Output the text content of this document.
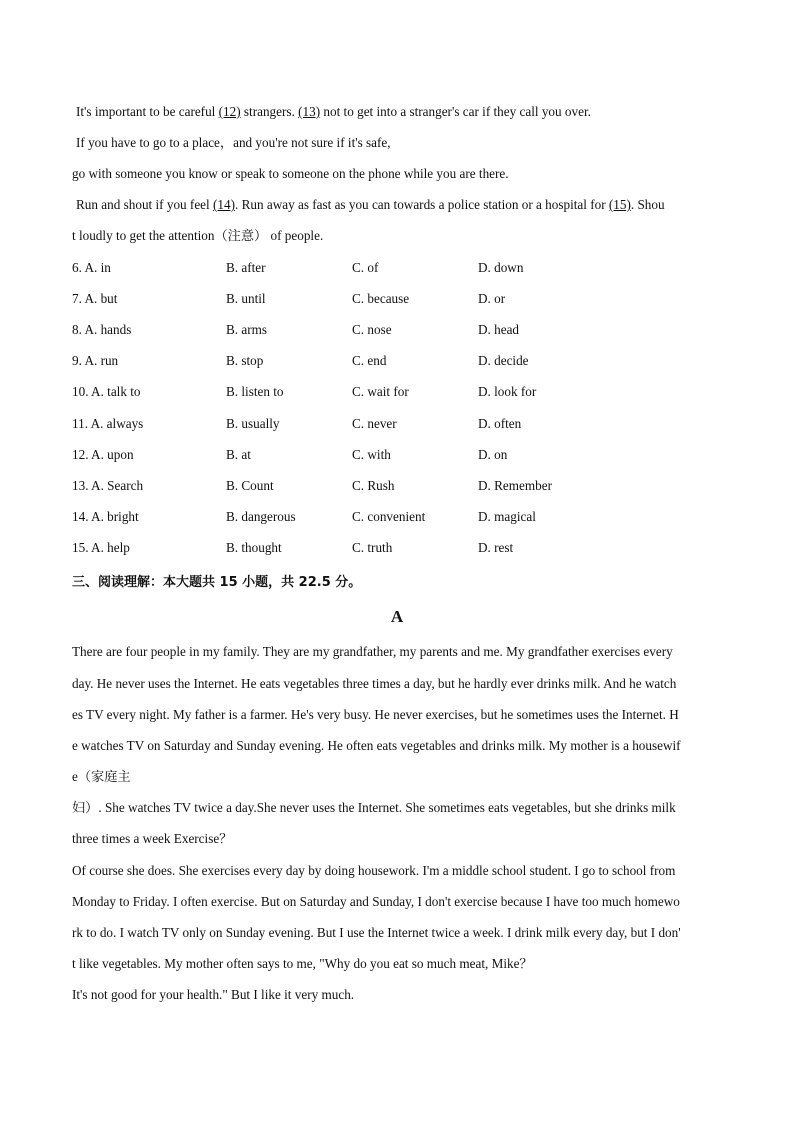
It's important to be careful (12) strangers. (13) not to get into a stranger's car if they call you over.
If you have to go to a place，and you're not sure if it's safe,
go with someone you know or speak to someone on the phone while you are there.
Run and shout if you feel (14). Run away as fast as you can towards a police station or a hospital for (15). Shou
t loudly to get the attention（注意） of people.
6. A. in	B. after	C. of	D. down
7. A. but	B. until	C. because	D. or
8. A. hands	B. arms	C. nose	D. head
9. A. run	B. stop	C. end	D. decide
10. A. talk to	B. listen to	C. wait for	D. look for
11. A. always	B. usually	C. never	D. often
12. A. upon	B. at	C. with	D. on
13. A. Search	B. Count	C. Rush	D. Remember
14. A. bright	B. dangerous	C. convenient	D. magical
15. A. help	B. thought	C. truth	D. rest
三、阅读理解：本大题共 15 小题，共 22.5 分。
A
There are four people in my family. They are my grandfather, my parents and me. My grandfather exercises every
day. He never uses the Internet. He eats vegetables three times a day, but he hardly ever drinks milk. And he watch
es TV every night. My father is a farmer. He's very busy. He never exercises, but he sometimes uses the Internet. H
e watches TV on Saturday and Sunday evening. He often eats vegetables and drinks milk. My mother is a housewif
e（家庭主
妇）. She watches TV twice a day.She never uses the Internet. She sometimes eats vegetables, but she drinks milk
three times a week Exercise？
Of course she does. She exercises every day by doing housework. I'm a middle school student. I go to school from
Monday to Friday. I often exercise. But on Saturday and Sunday, I don't exercise because I have too much homewo
rk to do. I watch TV only on Sunday evening. But I use the Internet twice a week. I drink milk every day, but I don'
t like vegetables. My mother often says to me, "Why do you eat so much meat, Mike？
It's not good for your health." But I like it very much.
